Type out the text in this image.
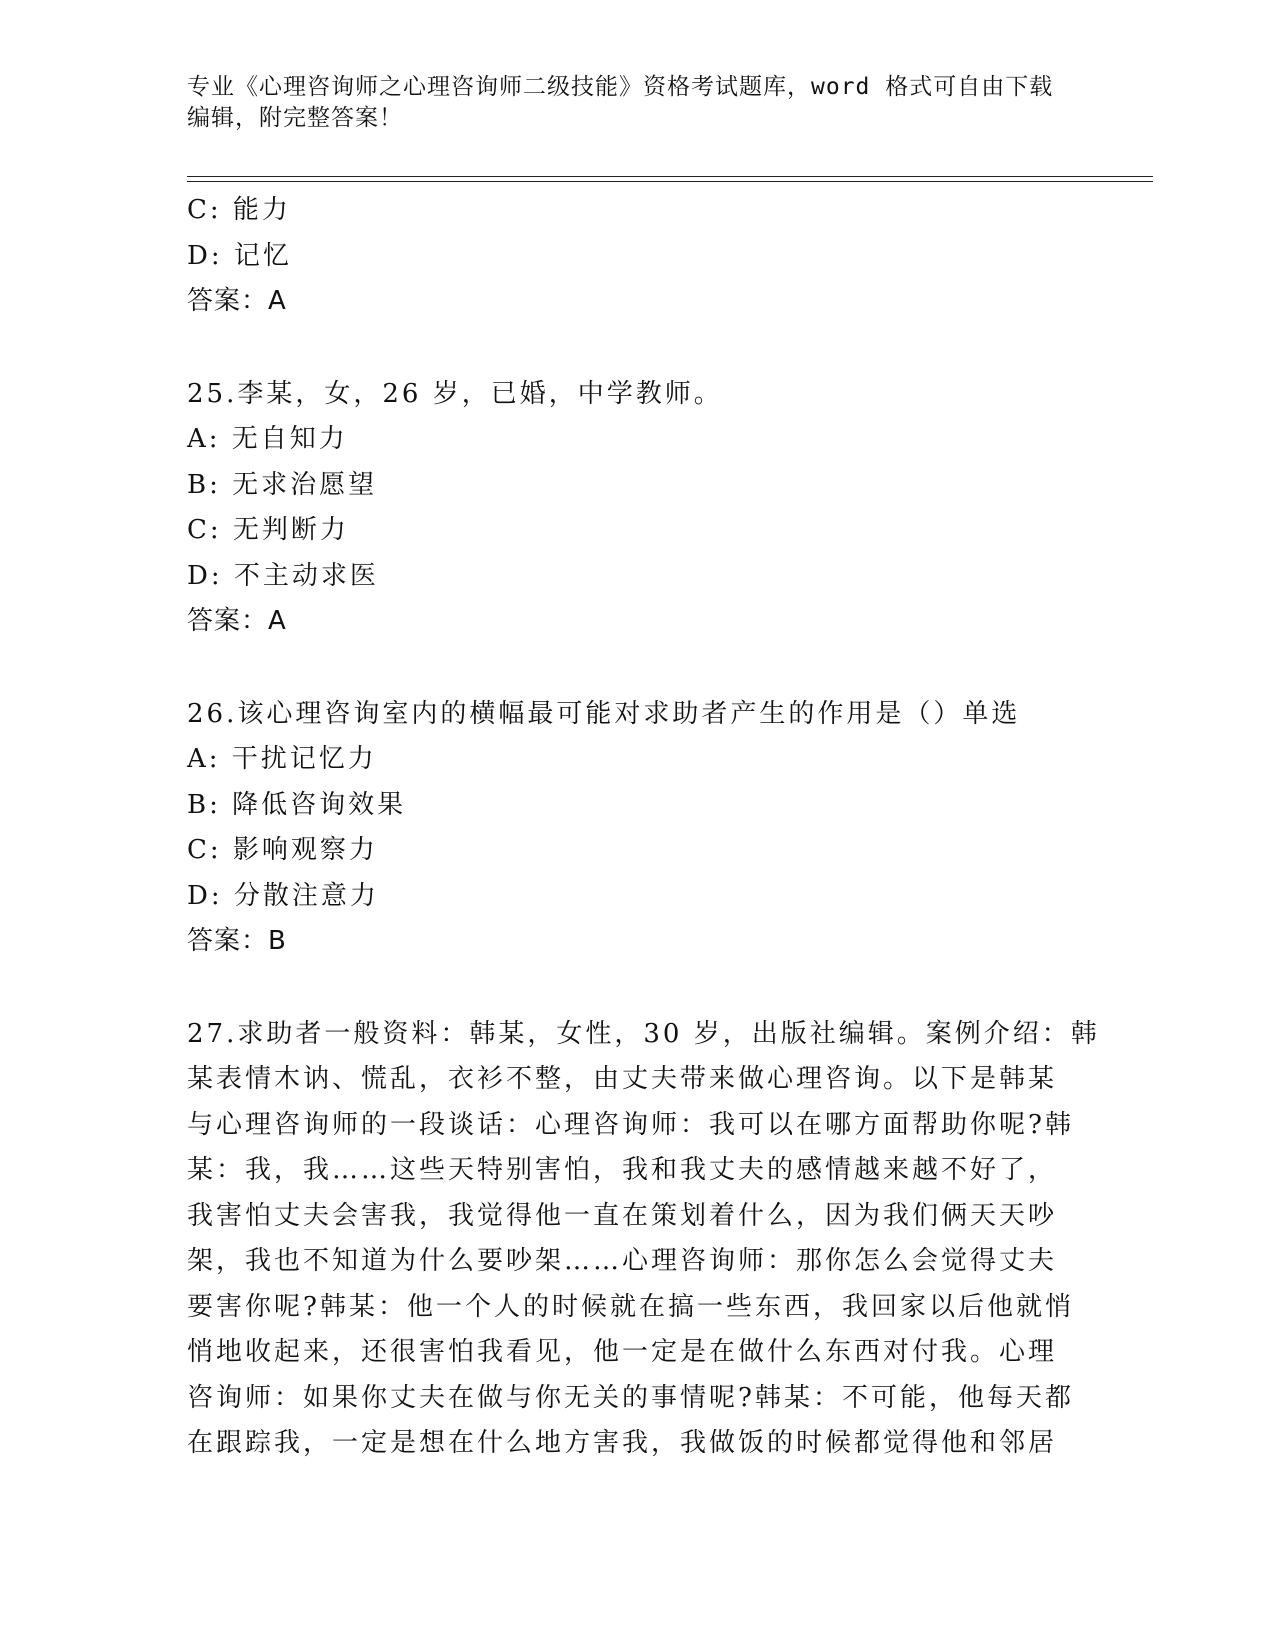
专业《心理咨询师之心理咨询师二级技能》资格考试题库，word 格式可自由下载
编辑，附完整答案！
C: 能力
D: 记忆
答案：A
25.李某，女，26 岁，已婚，中学教师。
A: 无自知力
B: 无求治愿望
C: 无判断力
D: 不主动求医
答案：A
26.该心理咨询室内的横幅最可能对求助者产生的作用是（）单选
A: 干扰记忆力
B: 降低咨询效果
C: 影响观察力
D: 分散注意力
答案：B
27.求助者一般资料：韩某，女性，30 岁，出版社编辑。案例介绍：韩
某表情木讷、慌乱，衣衫不整，由丈夫带来做心理咨询。以下是韩某
与心理咨询师的一段谈话：心理咨询师：我可以在哪方面帮助你呢?韩
某：我，我……这些天特别害怕，我和我丈夫的感情越来越不好了，
我害怕丈夫会害我，我觉得他一直在策划着什么，因为我们俩天天吵
架，我也不知道为什么要吵架……心理咨询师：那你怎么会觉得丈夫
要害你呢?韩某：他一个人的时候就在搞一些东西，我回家以后他就悄
悄地收起来，还很害怕我看见，他一定是在做什么东西对付我。心理
咨询师：如果你丈夫在做与你无关的事情呢?韩某：不可能，他每天都
在跟踪我，一定是想在什么地方害我，我做饭的时候都觉得他和邻居
